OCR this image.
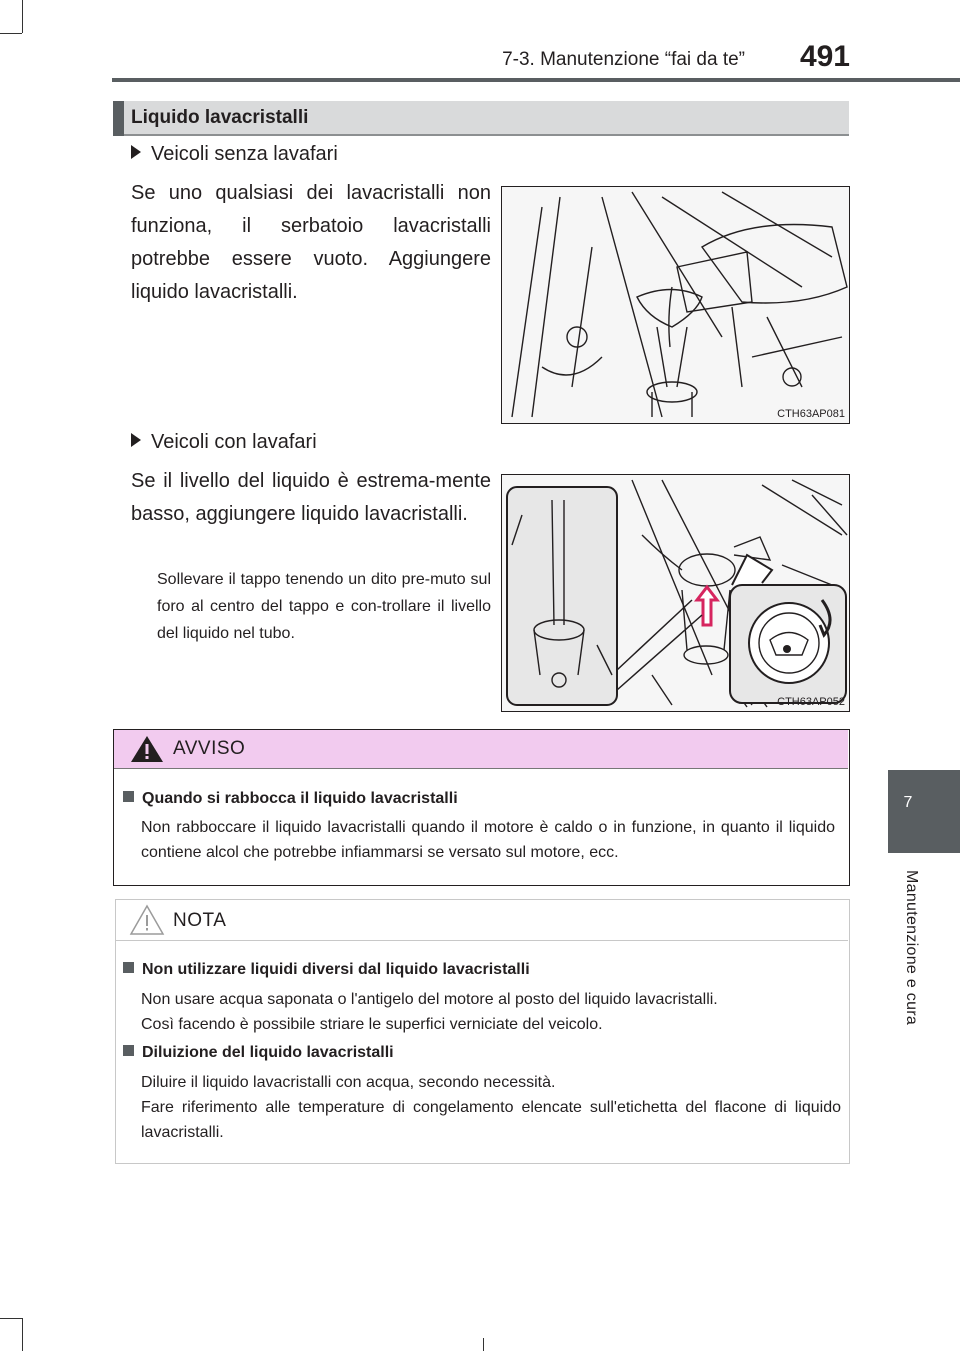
7-3. Manutenzione “fai da te”	491
7
Manutenzione e cura
Liquido lavacristalli
Veicoli senza lavafari
Se uno qualsiasi dei lavacristalli non funziona, il serbatoio lavacristalli potrebbe essere vuoto. Aggiungere liquido lavacristalli.
CTH63AP081
Veicoli con lavafari
Se il livello del liquido è estrema-mente basso, aggiungere liquido lavacristalli.
Sollevare il tappo tenendo un dito pre-muto sul foro al centro del tappo e con-trollare il livello del liquido nel tubo.
CTH63AP052
AVVISO
Quando si rabbocca il liquido lavacristalli
Non rabboccare il liquido lavacristalli quando il motore è caldo o in funzione, in quanto il liquido contiene alcol che potrebbe infiammarsi se versato sul motore, ecc.
NOTA
Non utilizzare liquidi diversi dal liquido lavacristalli
Non usare acqua saponata o l'antigelo del motore al posto del liquido lavacristalli.
Così facendo è possibile striare le superfici verniciate del veicolo.
Diluizione del liquido lavacristalli
Diluire il liquido lavacristalli con acqua, secondo necessità.
Fare riferimento alle temperature di congelamento elencate sull'etichetta del flacone di liquido lavacristalli.
